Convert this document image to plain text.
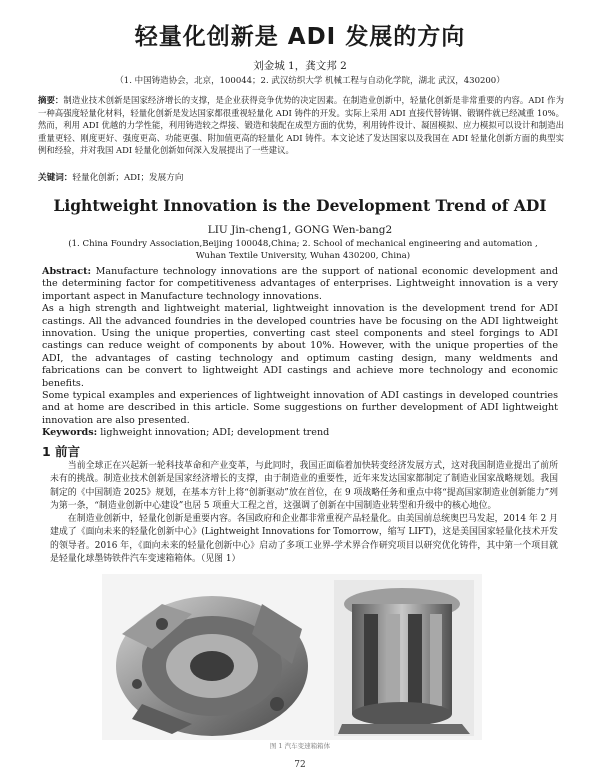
轻量化创新是 ADI 发展的方向
刘金城 1，龚文邦 2
（1. 中国铸造协会，北京，100044；2. 武汉纺织大学 机械工程与自动化学院，湖北 武汉，430200）
摘要：制造业技术创新是国家经济增长的支撑，是企业获得竞争优势的决定因素。在制造业创新中，轻量化创新是非常重要的内容。ADI 作为一种高强度轻量化材料，轻量化创新是发达国家都很重视轻量化 ADI 铸件的开发。实际上采用 ADI 直接代替铸钢、锻钢件就已经减重 10%。然而，利用 ADI 优越的力学性能，利用铸造较之焊接、锻造和装配在成型方面的优势，利用铸件设计、凝固模拟、应力模拟可以设计和制造出重量更轻、刚度更好、强度更高、功能更强、附加值更高的轻量化 ADI 铸件。本文论述了发达国家以及我国在 ADI 轻量化创新方面的典型实例和经验，并对我国 ADI 轻量化创新如何深入发展提出了一些建议。
关键词：轻量化创新；ADI；发展方向
Lightweight Innovation is the Development Trend of ADI
LIU Jin-cheng1, GONG Wen-bang2
(1. China Foundry Association,Beijing 100048,China; 2. School of mechanical engineering and automation , Wuhan Textile University, Wuhan 430200, China)

Abstract: Manufacture technology innovations are the support of national economic development and the determining factor for competitiveness advantages of enterprises. Lightweight innovation is a very important aspect in Manufacture technology innovations.

As a high strength and lightweight material, lightweight innovation is the development trend for ADI castings. All the advanced foundries in the developed countries have be focusing on the ADI lightweight innovation. Using the unique properties, converting cast steel components and steel forgings to ADI castings can reduce weight of components by about 10%. However, with the unique properties of the ADI, the advantages of casting technology and optimum casting design, many weldments and fabrications can be convert to lightweight ADI castings and achieve more technology and economic benefits.

Some typical examples and experiences of lightweight innovation of ADI castings in developed countries and at home are described in this article. Some suggestions on further development of ADI lightweight innovation are also presented.

Keywords: lighweight innovation; ADI; development trend

1 前言

当前全球正在兴起新一轮科技革命和产业变革，与此同时，我国正面临着加快转变经济发展方式，这对我国制造业提出了前所未有的挑战。制造业技术创新是国家经济增长的支撑，由于制造业的重要性，近年来发达国家都制定了制造业国家战略规划。我国制定的《中国制造 2025》规划，在基本方针上将“创新驱动”放在首位，在 9 项战略任务和重点中将“提高国家制造业创新能力”列为第一条，“制造业创新中心建设”也居 5 项重大工程之首，这强调了创新在中国制造业转型和升级中的核心地位。

在制造业创新中，轻量化创新是重要内容。各国政府和企业都非常重视产品轻量化。由美国前总统奥巴马发起，2014 年 2 月建成了《面向未来的轻量化创新中心》(Lightweight Innovations for Tomorrow，缩写 LIFT)，这是美国国家轻量化技术开发的领导者。2016 年，《面向未来的轻量化创新中心》启动了多项工业界-学术界合作研究项目以研究优化铸件，其中第一个项目就是轻量化球墨铸铁件汽车变速箱箱体。（见图 1）

图 1 汽车变速箱箱体
72
